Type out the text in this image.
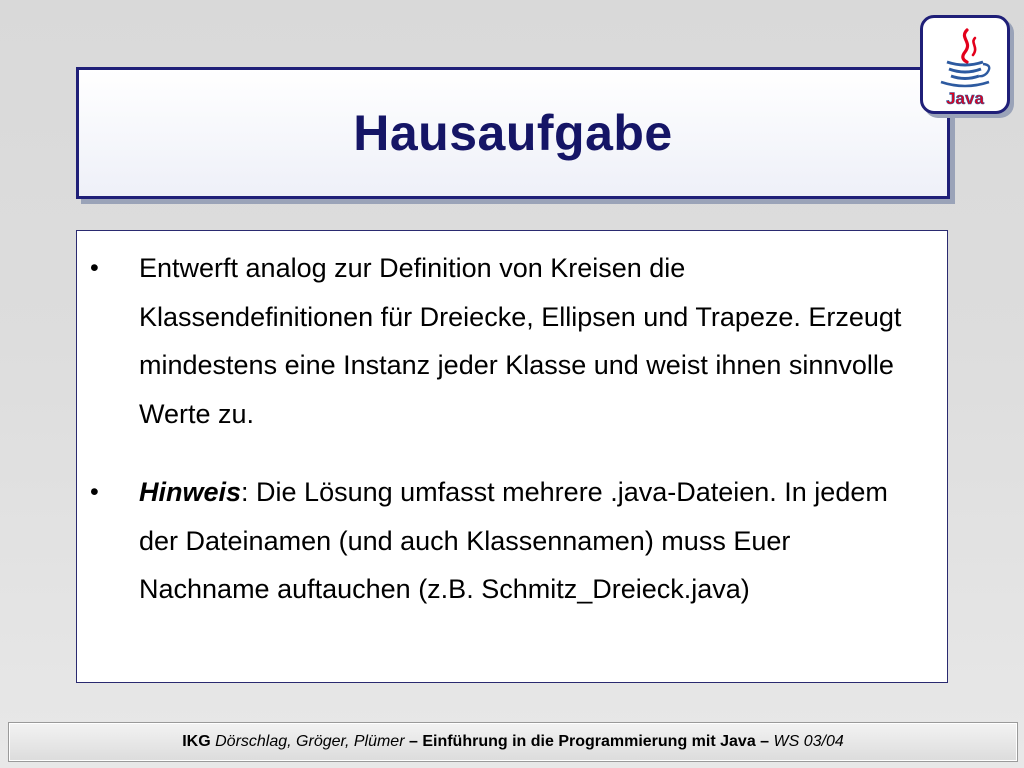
Hausaufgabe
Java
• Entwerft analog zur Definition von Kreisen die Klassendefinitionen für Dreiecke, Ellipsen und Trapeze. Erzeugt mindestens eine Instanz jeder Klasse und weist ihnen sinnvolle Werte zu.

• Hinweis: Die Lösung umfasst mehrere .java-Dateien. In jedem der Dateinamen (und auch Klassennamen) muss Euer Nachname auftauchen (z.B. Schmitz_Dreieck.java)

IKG Dörschlag, Gröger, Plümer – Einführung in die Programmierung mit Java – WS 03/04
